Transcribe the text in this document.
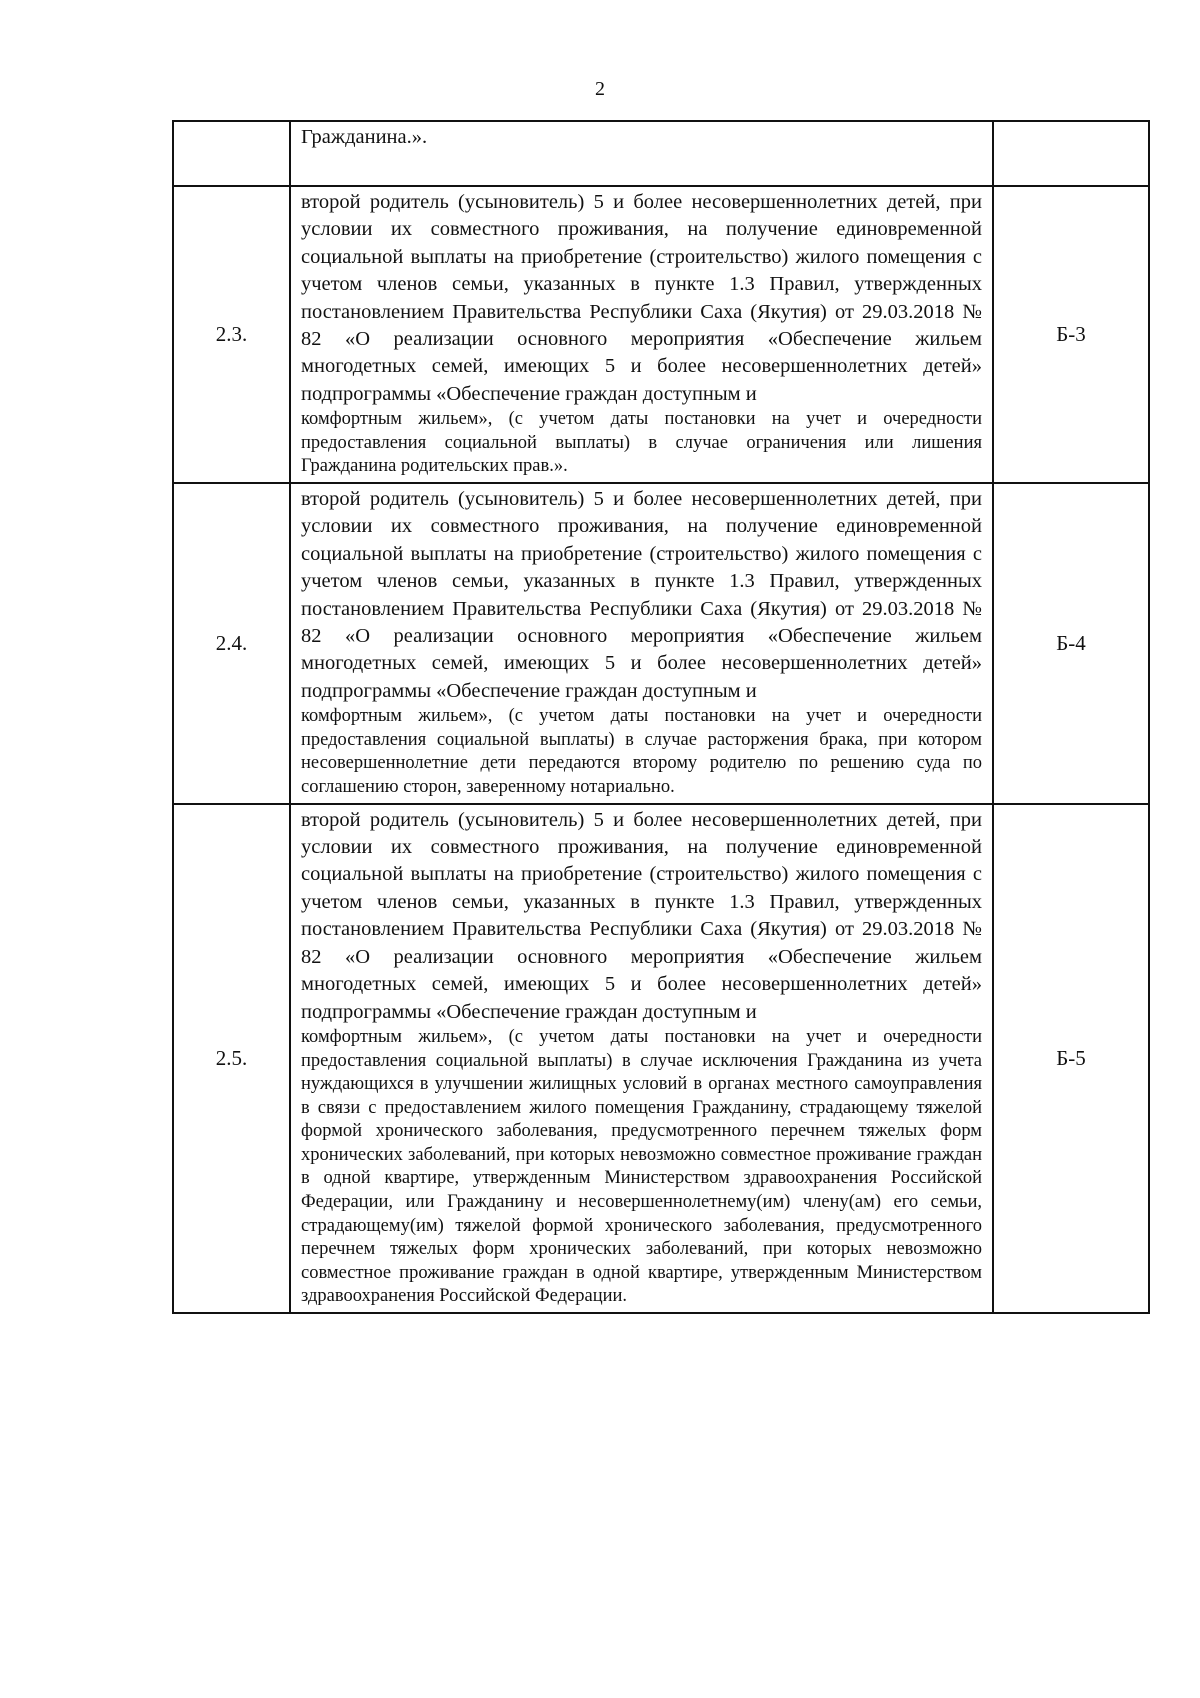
2

	Гражданина.».	

2.3.	второй родитель (усыновитель) 5 и более несовершеннолетних детей, при условии их совместного проживания, на получение единовременной социальной выплаты на приобретение (строительство) жилого помещения с учетом членов семьи, указанных в пункте 1.3 Правил, утвержденных постановлением Правительства Республики Саха (Якутия) от 29.03.2018 № 82 «О реализации основного мероприятия «Обеспечение жильем многодетных семей, имеющих 5 и более несовершеннолетних детей» подпрограммы «Обеспечение граждан доступным и
комфортным жильем», (с учетом даты постановки на учет и очередности предоставления социальной выплаты) в случае ограничения или лишения Гражданина родительских прав.».	Б-3
2.4.	второй родитель (усыновитель) 5 и более несовершеннолетних детей, при условии их совместного проживания, на получение единовременной социальной выплаты на приобретение (строительство) жилого помещения с учетом членов семьи, указанных в пункте 1.3 Правил, утвержденных постановлением Правительства Республики Саха (Якутия) от 29.03.2018 № 82 «О реализации основного мероприятия «Обеспечение жильем многодетных семей, имеющих 5 и более несовершеннолетних детей» подпрограммы «Обеспечение граждан доступным и
комфортным жильем», (с учетом даты постановки на учет и очередности предоставления социальной выплаты) в случае расторжения брака, при котором несовершеннолетние дети передаются второму родителю по решению суда по соглашению сторон, заверенному нотариально.	Б-4
2.5.	второй родитель (усыновитель) 5 и более несовершеннолетних детей, при условии их совместного проживания, на получение единовременной социальной выплаты на приобретение (строительство) жилого помещения с учетом членов семьи, указанных в пункте 1.3 Правил, утвержденных постановлением Правительства Республики Саха (Якутия) от 29.03.2018 № 82 «О реализации основного мероприятия «Обеспечение жильем многодетных семей, имеющих 5 и более несовершеннолетних детей» подпрограммы «Обеспечение граждан доступным и
комфортным жильем», (с учетом даты постановки на учет и очередности предоставления социальной выплаты) в случае исключения Гражданина из учета нуждающихся в улучшении жилищных условий в органах местного самоуправления в связи с предоставлением жилого помещения Гражданину, страдающему тяжелой формой хронического заболевания, предусмотренного перечнем тяжелых форм хронических заболеваний, при которых невозможно совместное проживание граждан в одной квартире, утвержденным Министерством здравоохранения Российской Федерации, или Гражданину и несовершеннолетнему(им) члену(ам) его семьи, страдающему(им) тяжелой формой хронического заболевания, предусмотренного перечнем тяжелых форм хронических заболеваний, при которых невозможно совместное проживание граждан в одной квартире, утвержденным Министерством здравоохранения Российской Федерации.	Б-5
